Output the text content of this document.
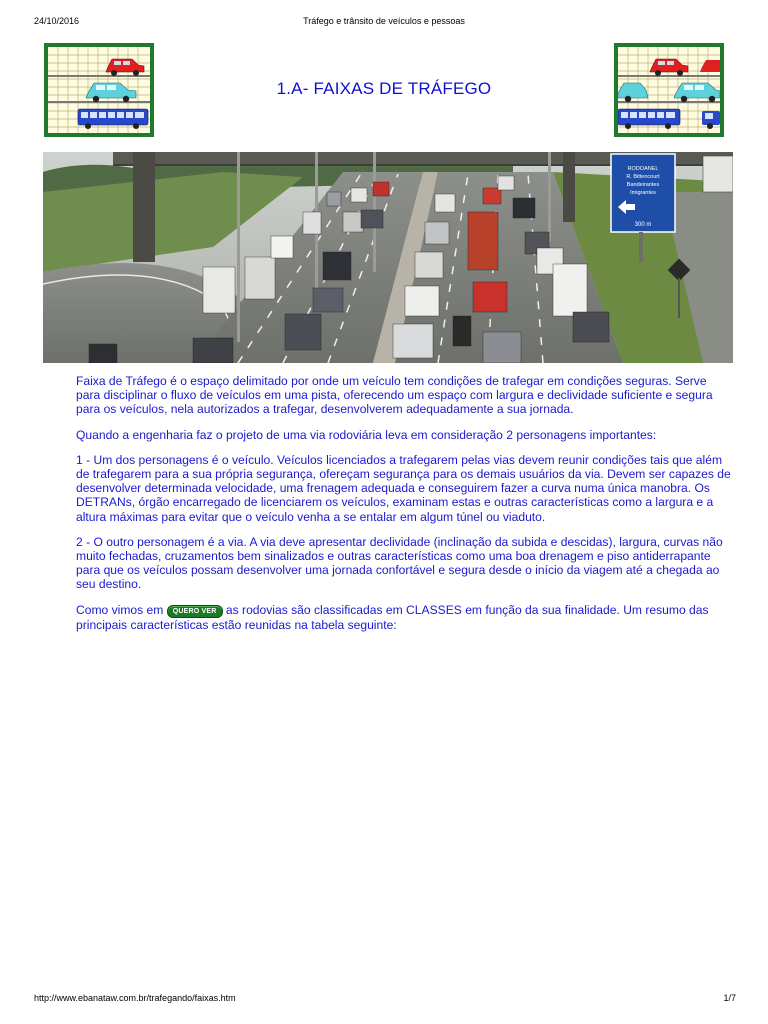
24/10/2016	Tráfego e trânsito de veículos e pessoas
1.A- FAIXAS DE TRÁFEGO
RODOANEL
R. Bittencourt
Bandeirantes
Imigrantes
300 m

Faixa de Tráfego é o espaço delimitado por onde um veículo tem condições de trafegar em condições seguras. Serve para disciplinar o fluxo de veículos em uma pista, oferecendo um espaço com largura e declividade suficiente e segura para os veículos, nela autorizados a trafegar, desenvolverem adequadamente a sua jornada.

Quando a engenharia faz o projeto de uma via rodoviária leva em consideração 2 personagens importantes:

1 - Um dos personagens é o veículo. Veículos licenciados a trafegarem pelas vias devem reunir condições tais que além de trafegarem para a sua própria segurança, ofereçam segurança para os demais usuários da via. Devem ser capazes de desenvolver determinada velocidade, uma frenagem adequada e conseguirem fazer a curva numa única manobra. Os DETRANs, órgão encarregado de licenciarem os veículos, examinam estas e outras características como a largura e a altura máximas para evitar que o veículo venha a se entalar em algum túnel ou viaduto.

2 - O outro personagem é a via. A via deve apresentar declividade (inclinação da subida e descidas), largura, curvas não muito fechadas, cruzamentos bem sinalizados e outras características como uma boa drenagem e piso antiderrapante para que os veículos possam desenvolver uma jornada confortável e segura desde o início da viagem até a chegada ao seu destino.

Como vimos em QUERO VER as rodovias são classificadas em CLASSES em função da sua finalidade. Um resumo das principais características estão reunidas na tabela seguinte:

http://www.ebanataw.com.br/trafegando/faixas.htm	1/7
